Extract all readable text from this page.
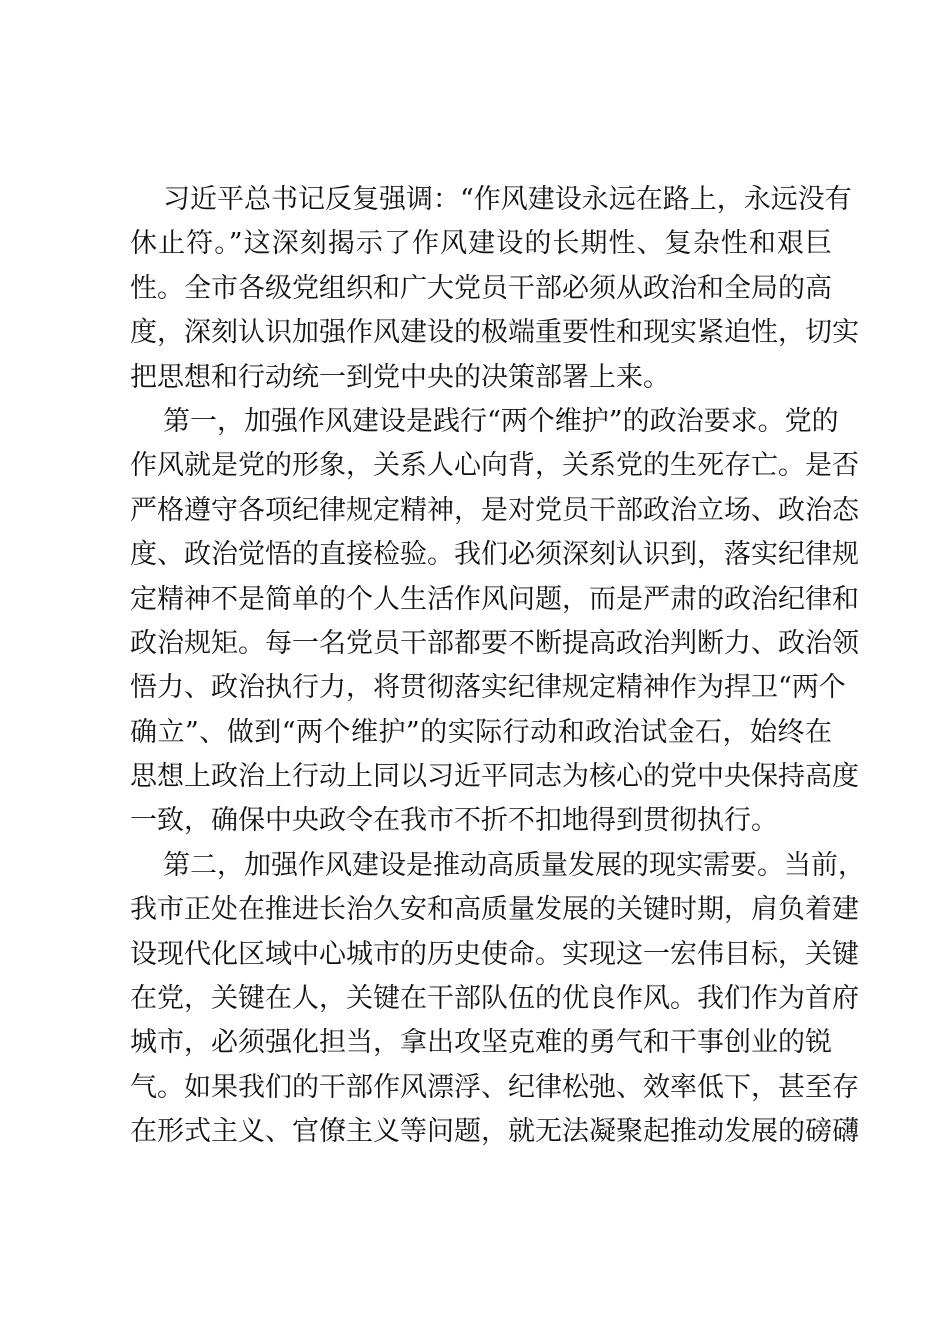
习近平总书记反复强调：“作风建设永远在路上，永远没有
休止符。”这深刻揭示了作风建设的长期性、复杂性和艰巨
性。全市各级党组织和广大党员干部必须从政治和全局的高
度，深刻认识加强作风建设的极端重要性和现实紧迫性，切实
把思想和行动统一到党中央的决策部署上来。
第一，加强作风建设是践行“两个维护”的政治要求。党的
作风就是党的形象，关系人心向背，关系党的生死存亡。是否
严格遵守各项纪律规定精神，是对党员干部政治立场、政治态
度、政治觉悟的直接检验。我们必须深刻认识到，落实纪律规
定精神不是简单的个人生活作风问题，而是严肃的政治纪律和
政治规矩。每一名党员干部都要不断提高政治判断力、政治领
悟力、政治执行力，将贯彻落实纪律规定精神作为捍卫“两个
确立”、做到“两个维护”的实际行动和政治试金石，始终在
思想上政治上行动上同以习近平同志为核心的党中央保持高度
一致，确保中央政令在我市不折不扣地得到贯彻执行。
第二，加强作风建设是推动高质量发展的现实需要。当前，
我市正处在推进长治久安和高质量发展的关键时期，肩负着建
设现代化区域中心城市的历史使命。实现这一宏伟目标，关键
在党，关键在人，关键在干部队伍的优良作风。我们作为首府
城市，必须强化担当，拿出攻坚克难的勇气和干事创业的锐
气。如果我们的干部作风漂浮、纪律松弛、效率低下，甚至存
在形式主义、官僚主义等问题，就无法凝聚起推动发展的磅礴
